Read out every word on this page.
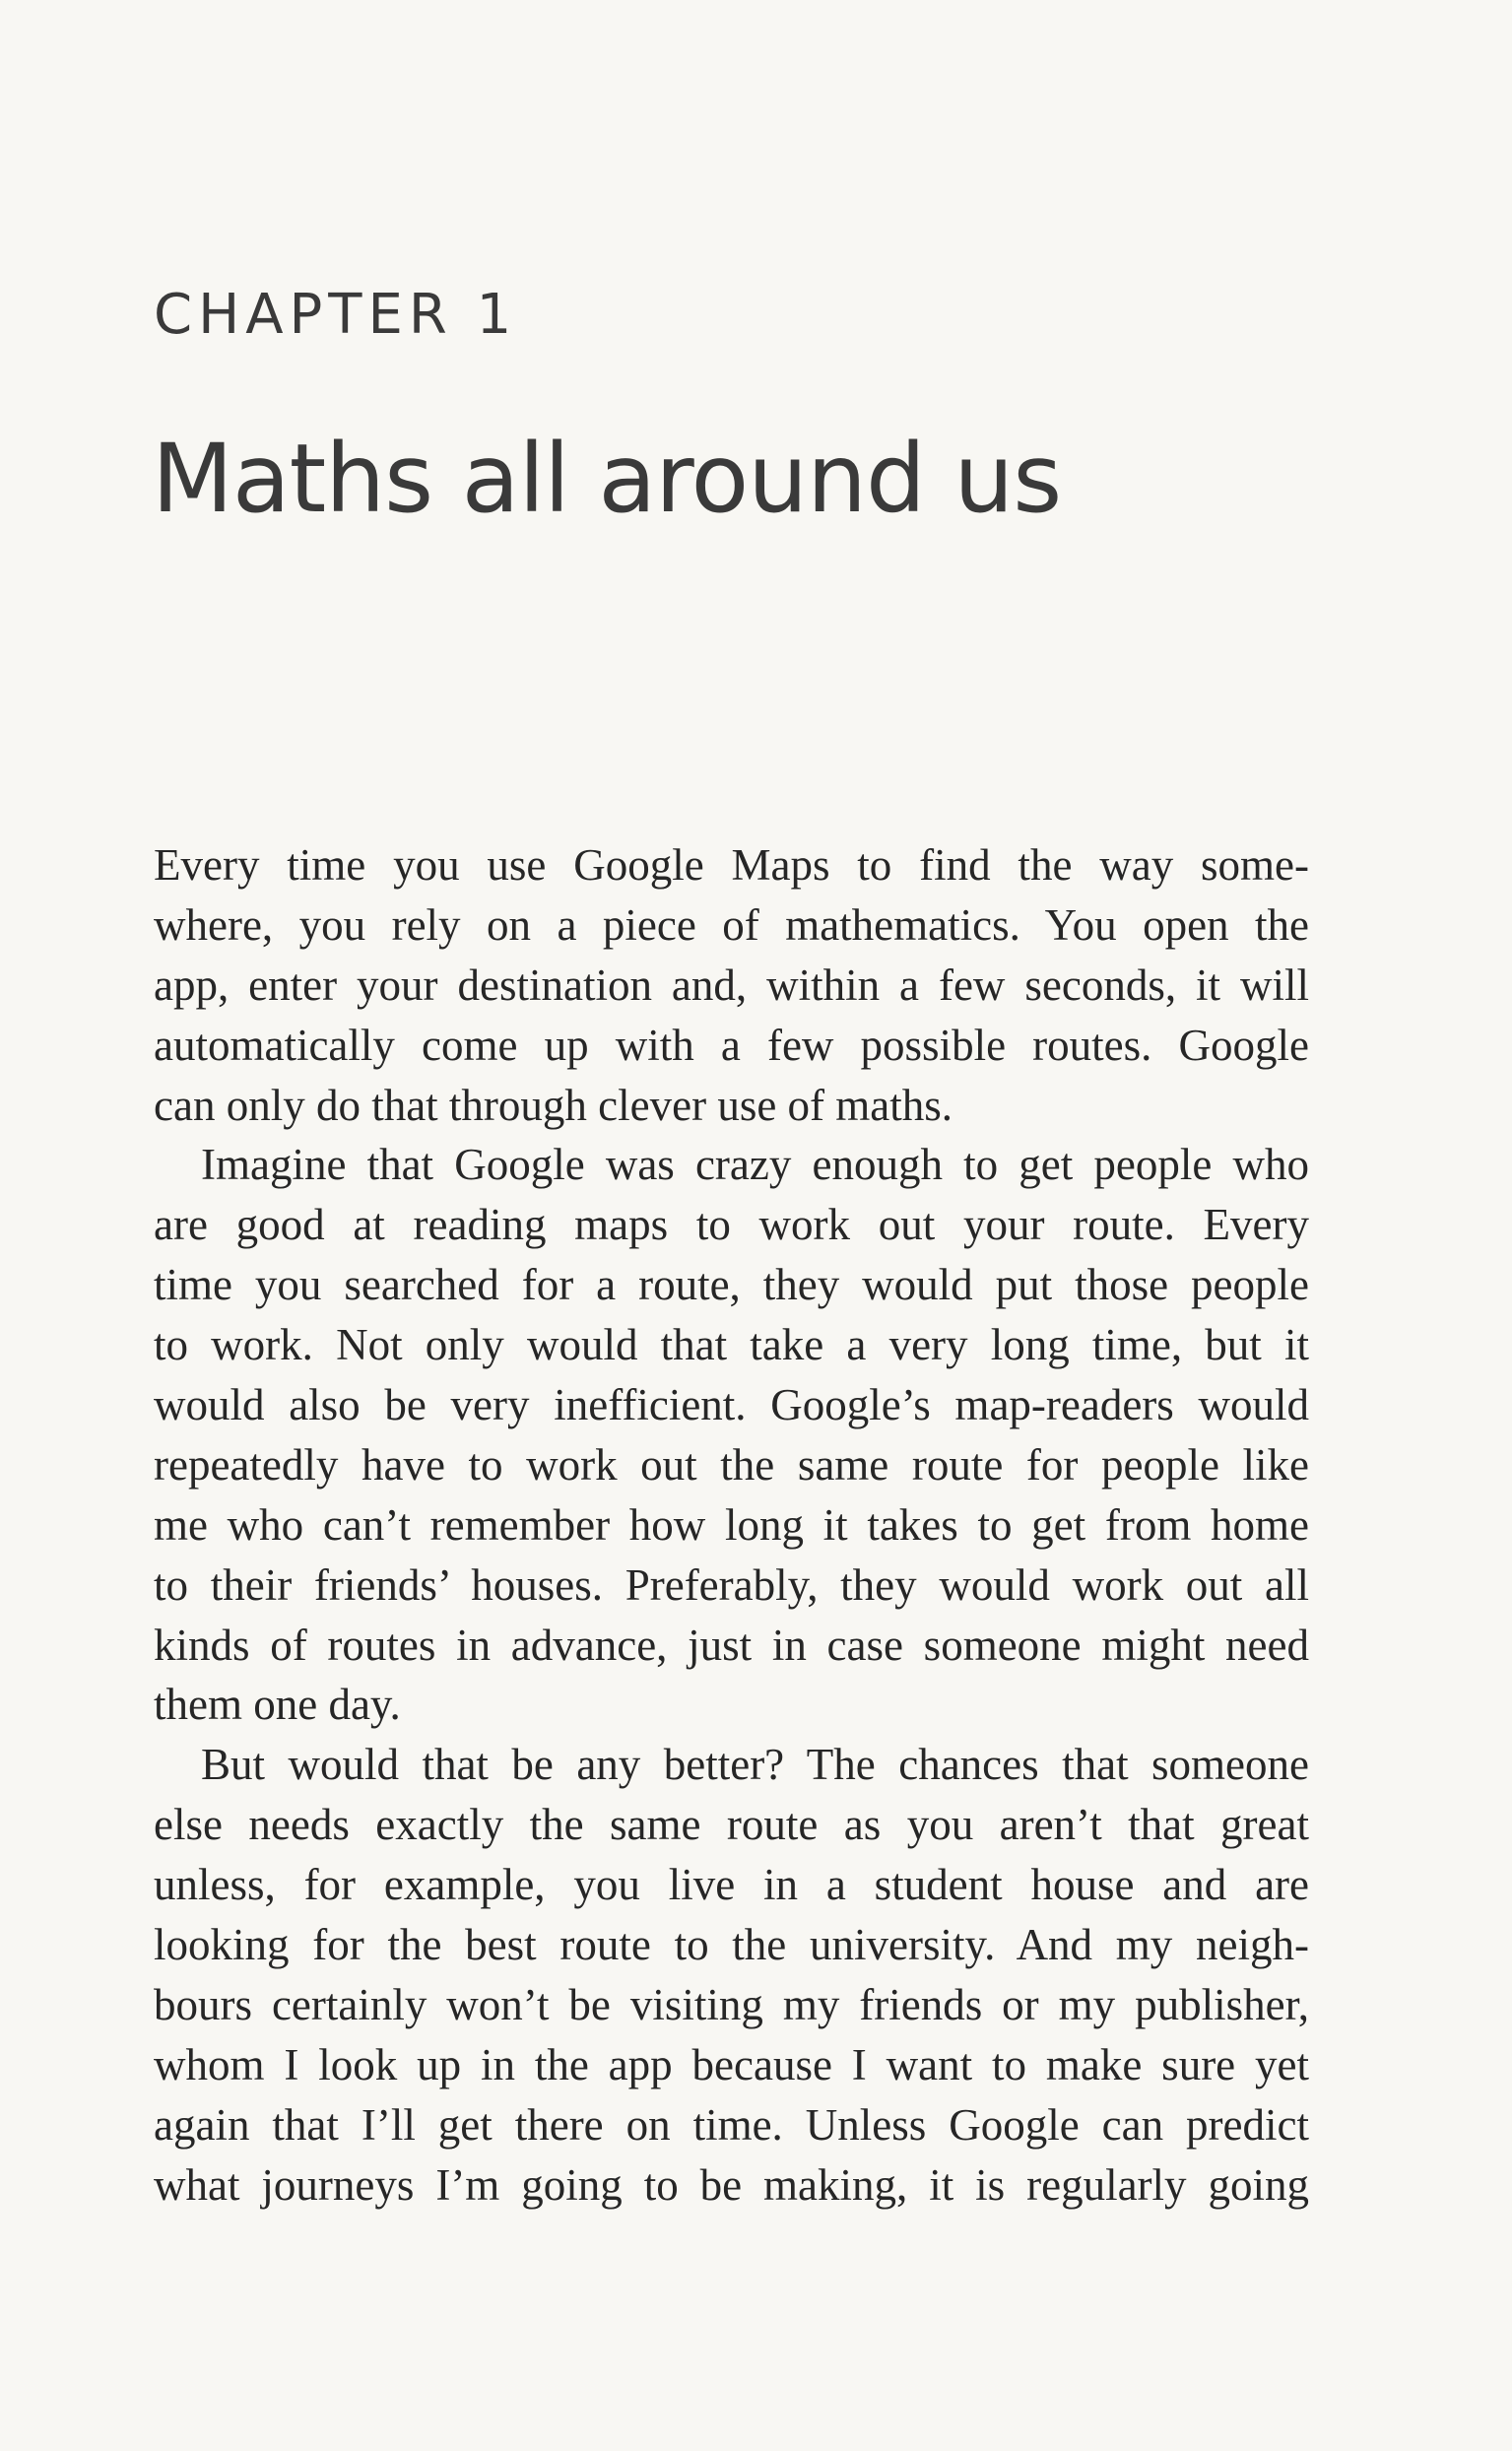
CHAPTER 1
Maths all around us
Every time you use Google Maps to find the way some-
where, you rely on a piece of mathematics. You open the
app, enter your destination and, within a few seconds, it will
automatically come up with a few possible routes. Google
can only do that through clever use of maths.
Imagine that Google was crazy enough to get people who
are good at reading maps to work out your route. Every
time you searched for a route, they would put those people
to work. Not only would that take a very long time, but it
would also be very inefficient. Google’s map-readers would
repeatedly have to work out the same route for people like
me who can’t remember how long it takes to get from home
to their friends’ houses. Preferably, they would work out all
kinds of routes in advance, just in case someone might need
them one day.
But would that be any better? The chances that someone
else needs exactly the same route as you aren’t that great
unless, for example, you live in a student house and are
looking for the best route to the university. And my neigh-
bours certainly won’t be visiting my friends or my publisher,
whom I look up in the app because I want to make sure yet
again that I’ll get there on time. Unless Google can predict
what journeys I’m going to be making, it is regularly going
